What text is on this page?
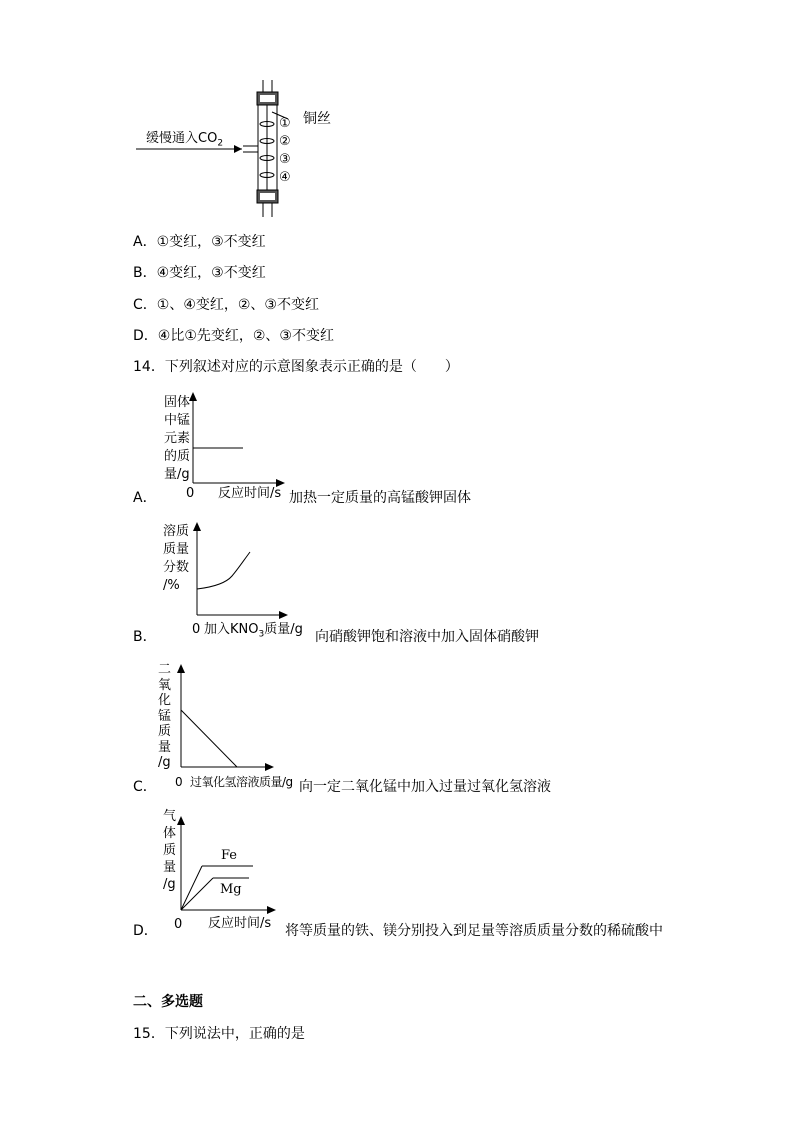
缓慢通入$CO_2$
铜丝
①
②
③
④
A．①变红，③不变红
B．④变红，③不变红
C．①、④变红，②、③不变红
D．④比①先变红，②、③不变红
14．下列叙述对应的示意图象表示正确的是（　　）
固体
中锰
元素
的质
量/g
0 反应时间/s
A．	加热一定质量的高锰酸钾固体
溶质
质量
分数
/%
0 加入$KNO_3$质量/g
B．	向硝酸钾饱和溶液中加入固体硝酸钾
二
氧
化
锰
质
量
/g
0 过氧化氢溶液质量/g
C．	向一定二氧化锰中加入过量过氧化氢溶液
气
体
质
量
/g
Fe
Mg
0 反应时间/s
D．	将等质量的铁、镁分别投入到足量等溶质质量分数的稀硫酸中
二、多选题
15．下列说法中，正确的是
